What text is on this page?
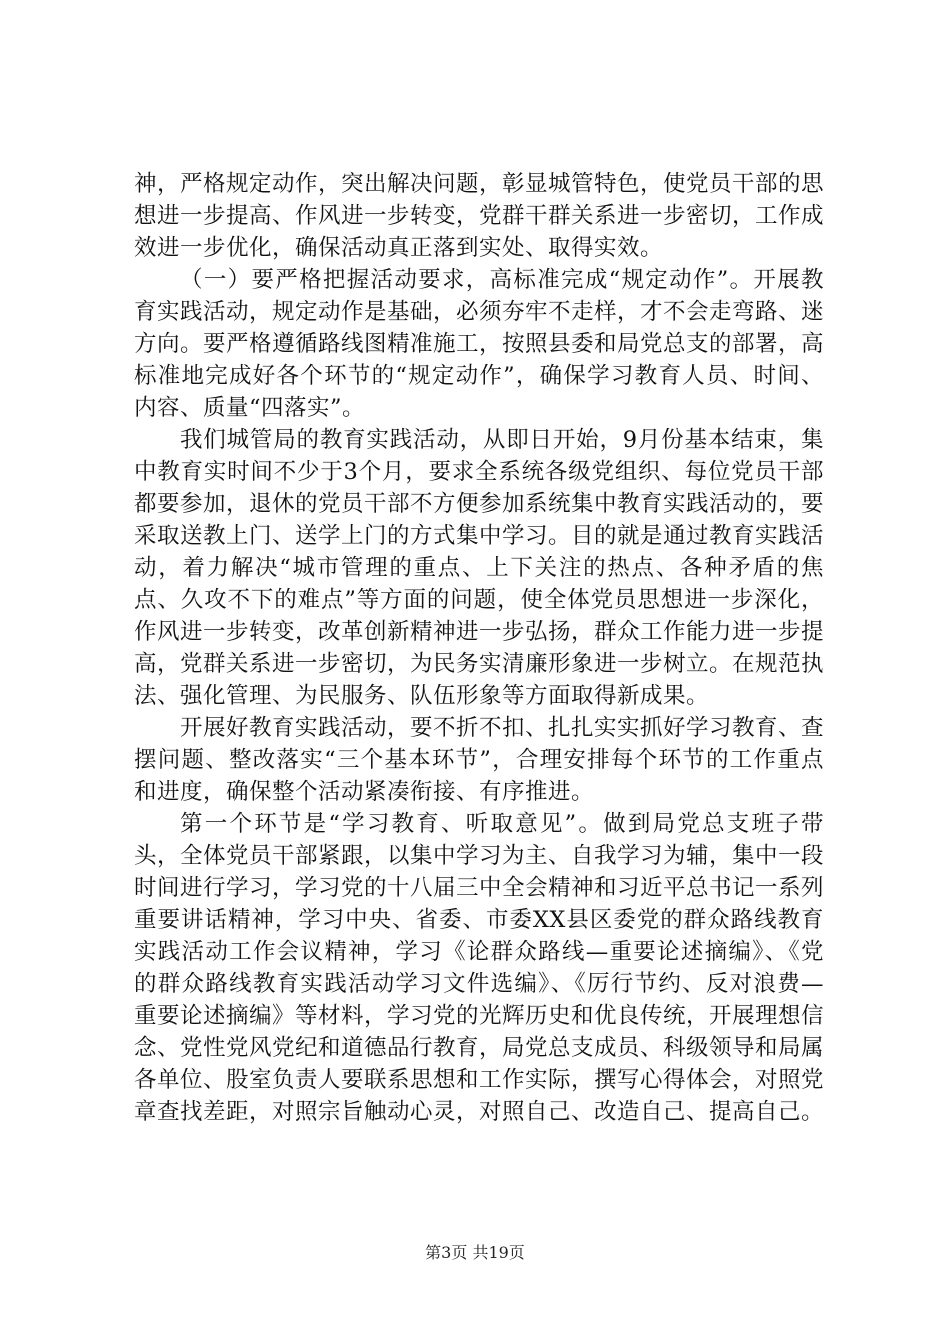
神，严格规定动作，突出解决问题，彰显城管特色，使党员干部的思想进一步提高、作风进一步转变，党群干群关系进一步密切，工作成效进一步优化，确保活动真正落到实处、取得实效。

（一）要严格把握活动要求，高标准完成“规定动作”。开展教育实践活动，规定动作是基础，必须夯牢不走样，才不会走弯路、迷方向。要严格遵循路线图精准施工，按照县委和局党总支的部署，高标准地完成好各个环节的“规定动作”，确保学习教育人员、时间、内容、质量“四落实”。

我们城管局的教育实践活动，从即日开始，9月份基本结束，集中教育实时间不少于3个月，要求全系统各级党组织、每位党员干部都要参加，退休的党员干部不方便参加系统集中教育实践活动的，要采取送教上门、送学上门的方式集中学习。目的就是通过教育实践活动，着力解决“城市管理的重点、上下关注的热点、各种矛盾的焦点、久攻不下的难点”等方面的问题，使全体党员思想进一步深化，作风进一步转变，改革创新精神进一步弘扬，群众工作能力进一步提高，党群关系进一步密切，为民务实清廉形象进一步树立。在规范执法、强化管理、为民服务、队伍形象等方面取得新成果。

开展好教育实践活动，要不折不扣、扎扎实实抓好学习教育、查摆问题、整改落实“三个基本环节”，合理安排每个环节的工作重点和进度，确保整个活动紧凑衔接、有序推进。

第一个环节是“学习教育、听取意见”。做到局党总支班子带头，全体党员干部紧跟，以集中学习为主、自我学习为辅，集中一段时间进行学习，学习党的十八届三中全会精神和习近平总书记一系列重要讲话精神，学习中央、省委、市委XX县区委党的群众路线教育实践活动工作会议精神，学习《论群众路线—重要论述摘编》、《党的群众路线教育实践活动学习文件选编》、《厉行节约、反对浪费—重要论述摘编》等材料，学习党的光辉历史和优良传统，开展理想信念、党性党风党纪和道德品行教育，局党总支成员、科级领导和局属各单位、股室负责人要联系思想和工作实际，撰写心得体会，对照党章查找差距，对照宗旨触动心灵，对照自己、改造自己、提高自己。

第3页 共19页
